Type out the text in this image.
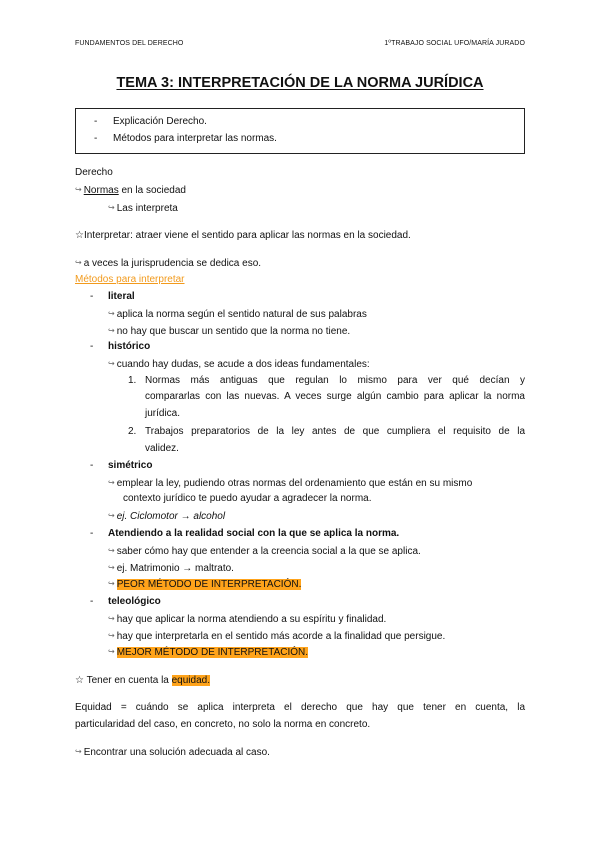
FUNDAMENTOS DEL DERECHO	1ºTRABAJO SOCIAL UFO/MARÍA JURADO
TEMA 3: INTERPRETACIÓN DE LA NORMA JURÍDICA
- Explicación Derecho.
- Métodos para interpretar las normas.
Derecho
↪ Normas en la sociedad
↪ Las interpreta
☆Interpretar: atraer viene el sentido para aplicar las normas en la sociedad.
↪ a veces la jurisprudencia se dedica eso.
Métodos para interpretar
- literal
↪ aplica la norma según el sentido natural de sus palabras
↪ no hay que buscar un sentido que la norma no tiene.
- histórico
↪ cuando hay dudas, se acude a dos ideas fundamentales:
1. Normas más antiguas que regulan lo mismo para ver qué decían y
compararlas con las nuevas. A veces surge algún cambio para aplicar la norma
jurídica.
2. Trabajos preparatorios de la ley antes de que cumpliera el requisito de la
validez.
- simétrico
↪ emplear la ley, pudiendo otras normas del ordenamiento que están en su mismo
contexto jurídico te puedo ayudar a agradecer la norma.
↪ ej. Ciclomotor → alcohol
- Atendiendo a la realidad social con la que se aplica la norma.
↪ saber cómo hay que entender a la creencia social a la que se aplica.
↪ ej. Matrimonio → maltrato.
↪ PEOR MÉTODO DE INTERPRETACIÓN.
- teleológico
↪ hay que aplicar la norma atendiendo a su espíritu y finalidad.
↪ hay que interpretarla en el sentido más acorde a la finalidad que persigue.
↪ MEJOR MÉTODO DE INTERPRETACIÓN.
☆ Tener en cuenta la equidad.
Equidad = cuándo se aplica interpreta el derecho que hay que tener en cuenta, la
particularidad del caso, en concreto, no solo la norma en concreto.
↪ Encontrar una solución adecuada al caso.
